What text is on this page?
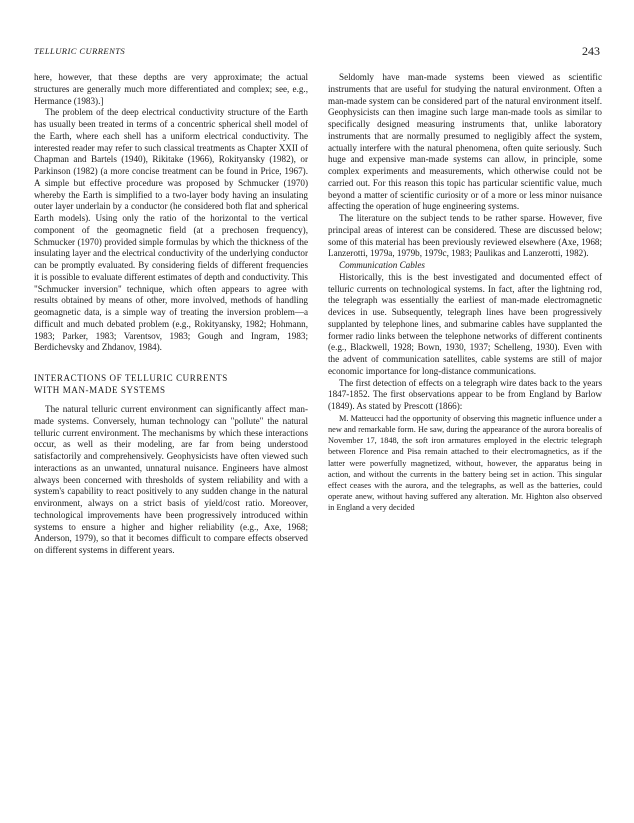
TELLURIC CURRENTS	243

here, however, that these depths are very approximate; the actual structures are generally much more differentiated and complex; see, e.g., Hermance (1983).]

The problem of the deep electrical conductivity structure of the Earth has usually been treated in terms of a concentric spherical shell model of the Earth, where each shell has a uniform electrical conductivity. The interested reader may refer to such classical treatments as Chapter XXII of Chapman and Bartels (1940), Rikitake (1966), Rokityansky (1982), or Parkinson (1982) (a more concise treatment can be found in Price, 1967). A simple but effective procedure was proposed by Schmucker (1970) whereby the Earth is simplified to a two-layer body having an insulating outer layer underlain by a conductor (he considered both flat and spherical Earth models). Using only the ratio of the horizontal to the vertical component of the geomagnetic field (at a prechosen frequency), Schmucker (1970) provided simple formulas by which the thickness of the insulating layer and the electrical conductivity of the underlying conductor can be promptly evaluated. By considering fields of different frequencies it is possible to evaluate different estimates of depth and conductivity. This "Schmucker inversion" technique, which often appears to agree with results obtained by means of other, more involved, methods of handling geomagnetic data, is a simple way of treating the inversion problem—a difficult and much debated problem (e.g., Rokityansky, 1982; Hohmann, 1983; Parker, 1983; Varentsov, 1983; Gough and Ingram, 1983; Berdichevsky and Zhdanov, 1984).

INTERACTIONS OF TELLURIC CURRENTS
WITH MAN-MADE SYSTEMS

The natural telluric current environment can significantly affect man-made systems. Conversely, human technology can "pollute" the natural telluric current environment. The mechanisms by which these interactions occur, as well as their modeling, are far from being understood satisfactorily and comprehensively. Geophysicists have often viewed such interactions as an unwanted, unnatural nuisance. Engineers have almost always been concerned with thresholds of system reliability and with a system's capability to react positively to any sudden change in the natural environment, always on a strict basis of yield/cost ratio. Moreover, technological improvements have been progressively introduced within systems to ensure a higher and higher reliability (e.g., Axe, 1968; Anderson, 1979), so that it becomes difficult to compare effects observed on different systems in different years.

Seldomly have man-made systems been viewed as scientific instruments that are useful for studying the natural environment. Often a man-made system can be considered part of the natural environment itself. Geophysicists can then imagine such large man-made tools as similar to specifically designed measuring instruments that, unlike laboratory instruments that are normally presumed to negligibly affect the system, actually interfere with the natural phenomena, often quite seriously. Such huge and expensive man-made systems can allow, in principle, some complex experiments and measurements, which otherwise could not be carried out. For this reason this topic has particular scientific value, much beyond a matter of scientific curiosity or of a more or less minor nuisance affecting the operation of huge engineering systems.

The literature on the subject tends to be rather sparse. However, five principal areas of interest can be considered. These are discussed below; some of this material has been previously reviewed elsewhere (Axe, 1968; Lanzerotti, 1979a, 1979b, 1979c, 1983; Paulikas and Lanzerotti, 1982).

Communication Cables

Historically, this is the best investigated and documented effect of telluric currents on technological systems. In fact, after the lightning rod, the telegraph was essentially the earliest of man-made electromagnetic devices in use. Subsequently, telegraph lines have been progressively supplanted by telephone lines, and submarine cables have supplanted the former radio links between the telephone networks of different continents (e.g., Blackwell, 1928; Bown, 1930, 1937; Schelleng, 1930). Even with the advent of communication satellites, cable systems are still of major economic importance for long-distance communications.

The first detection of effects on a telegraph wire dates back to the years 1847-1852. The first observations appear to be from England by Barlow (1849). As stated by Prescott (1866):

M. Matteucci had the opportunity of observing this magnetic influence under a new and remarkable form. He saw, during the appearance of the aurora borealis of November 17, 1848, the soft iron armatures employed in the electric telegraph between Florence and Pisa remain attached to their electromagnetics, as if the latter were powerfully magnetized, without, however, the apparatus being in action, and without the currents in the battery being set in action. This singular effect ceases with the aurora, and the telegraphs, as well as the batteries, could operate anew, without having suffered any alteration. Mr. Highton also observed in England a very decided
